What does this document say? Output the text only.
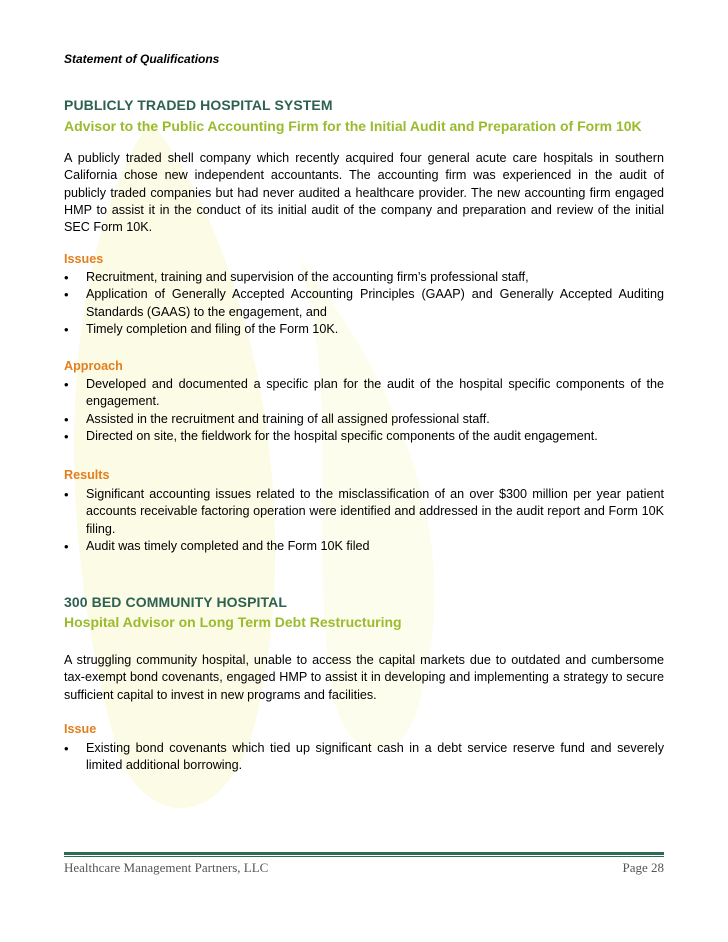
Statement of Qualifications
PUBLICLY TRADED HOSPITAL SYSTEM
Advisor to the Public Accounting Firm for the Initial Audit and Preparation of Form 10K
A publicly traded shell company which recently acquired four general acute care hospitals in southern California chose new independent accountants. The accounting firm was experienced in the audit of publicly traded companies but had never audited a healthcare provider. The new accounting firm engaged HMP to assist it in the conduct of its initial audit of the company and preparation and review of the initial SEC Form 10K.
Issues
• Recruitment, training and supervision of the accounting firm’s professional staff,
• Application of Generally Accepted Accounting Principles (GAAP) and Generally Accepted Auditing Standards (GAAS) to the engagement, and
• Timely completion and filing of the Form 10K.
Approach
• Developed and documented a specific plan for the audit of the hospital specific components of the engagement.
• Assisted in the recruitment and training of all assigned professional staff.
• Directed on site, the fieldwork for the hospital specific components of the audit engagement.
Results
• Significant accounting issues related to the misclassification of an over $300 million per year patient accounts receivable factoring operation were identified and addressed in the audit report and Form 10K filing.
• Audit was timely completed and the Form 10K filed
300 BED COMMUNITY HOSPITAL
Hospital Advisor on Long Term Debt Restructuring
A struggling community hospital, unable to access the capital markets due to outdated and cumbersome tax-exempt bond covenants, engaged HMP to assist it in developing and implementing a strategy to secure sufficient capital to invest in new programs and facilities.
Issue
• Existing bond covenants which tied up significant cash in a debt service reserve fund and severely limited additional borrowing.
Healthcare Management Partners, LLC	Page 28
